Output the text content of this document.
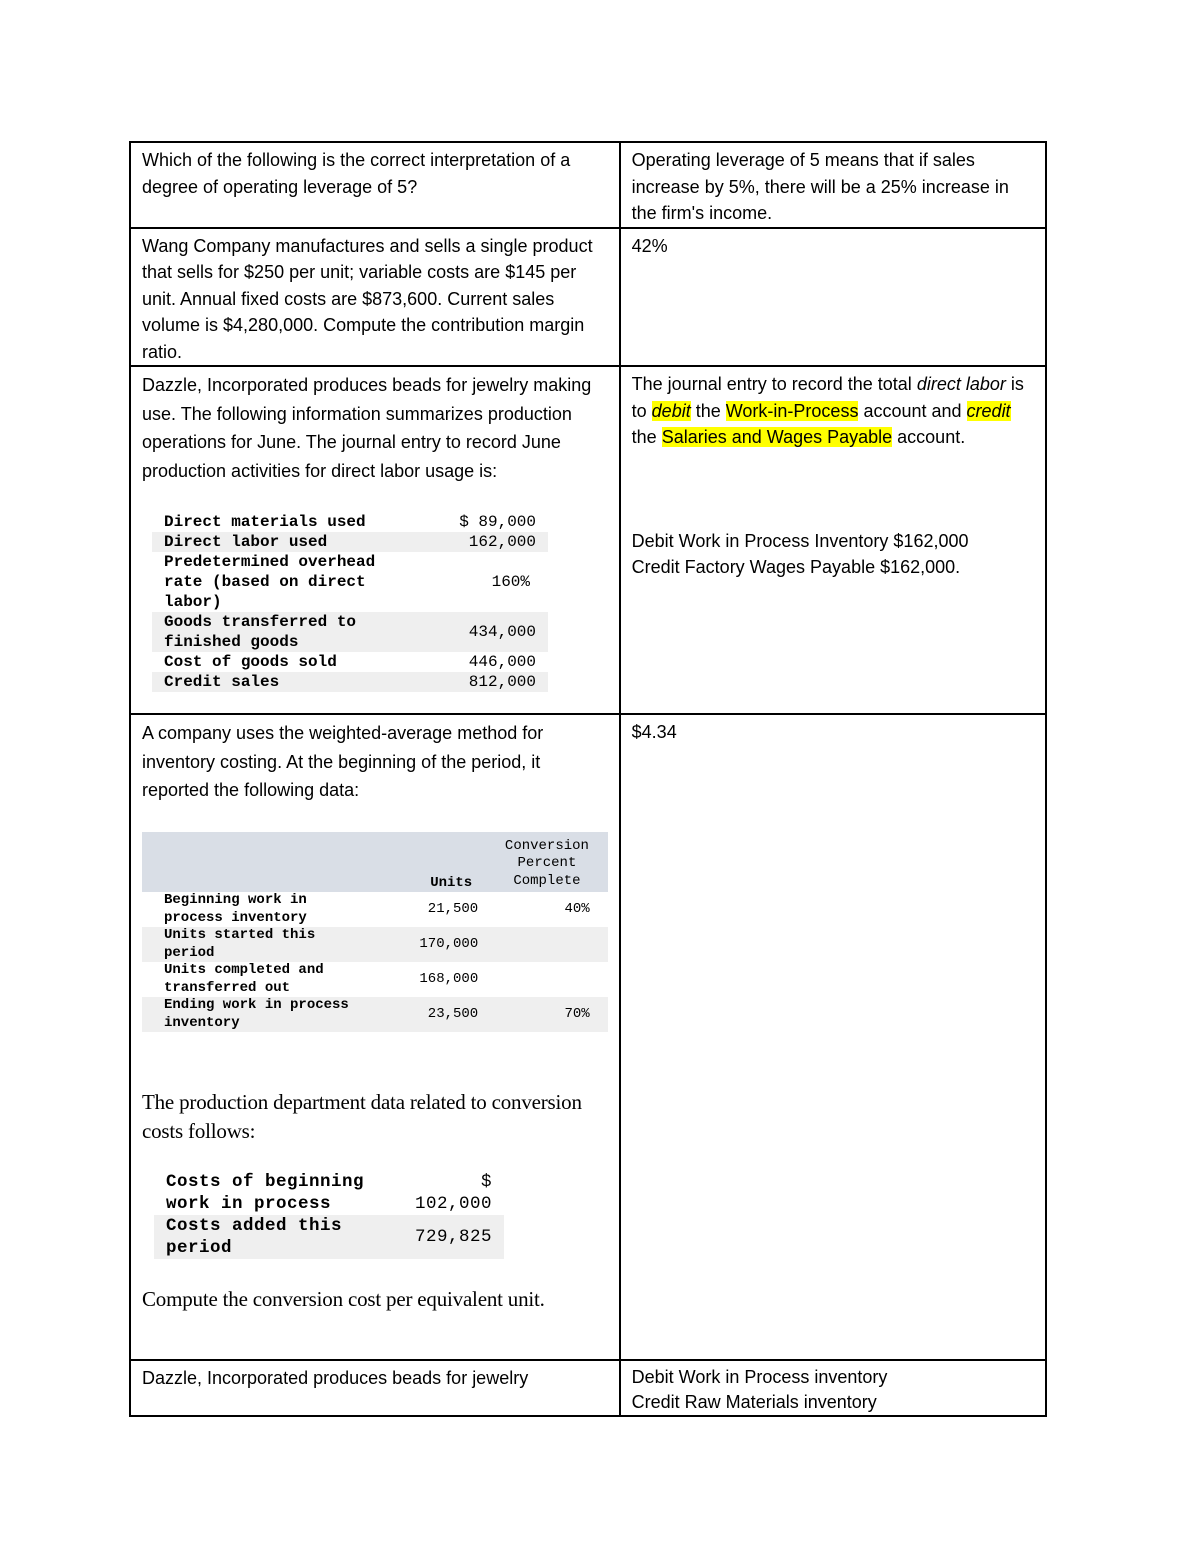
Which of the following is the correct interpretation of a degree of operating leverage of 5?	Operating leverage of 5 means that if sales increase by 5%, there will be a 25% increase in the firm's income.
Wang Company manufactures and sells a single product that sells for $250 per unit; variable costs are $145 per unit. Annual fixed costs are $873,600. Current sales volume is $4,280,000. Compute the contribution margin ratio.	42%

Dazzle, Incorporated produces beads for jewelry making use. The following information summarizes production operations for June. The journal entry to record June production activities for direct labor usage is:
Direct materials used	$ 89,000
Direct labor used	162,000
Predetermined overhead rate (based on direct labor)	160%
Goods transferred to finished goods	434,000
Cost of goods sold	446,000
Credit sales	812,000

The journal entry to record the total direct labor is to debit the Work-in-Process account and credit the Salaries and Wages Payable account.
Debit Work in Process Inventory $162,000
Credit Factory Wages Payable $162,000.

A company uses the weighted-average method for inventory costing. At the beginning of the period, it reported the following data:
	Units	Conversion Percent Complete
Beginning work in process inventory	21,500	40%
Units started this period	170,000	
Units completed and transferred out	168,000	
Ending work in process inventory	23,500	70%
The production department data related to conversion costs follows:
Costs of beginning work in process	$ 102,000
Costs added this period	729,825
Compute the conversion cost per equivalent unit.
	$4.34
Dazzle, Incorporated produces beads for jewelry	Debit Work in Process inventory
Credit Raw Materials inventory
